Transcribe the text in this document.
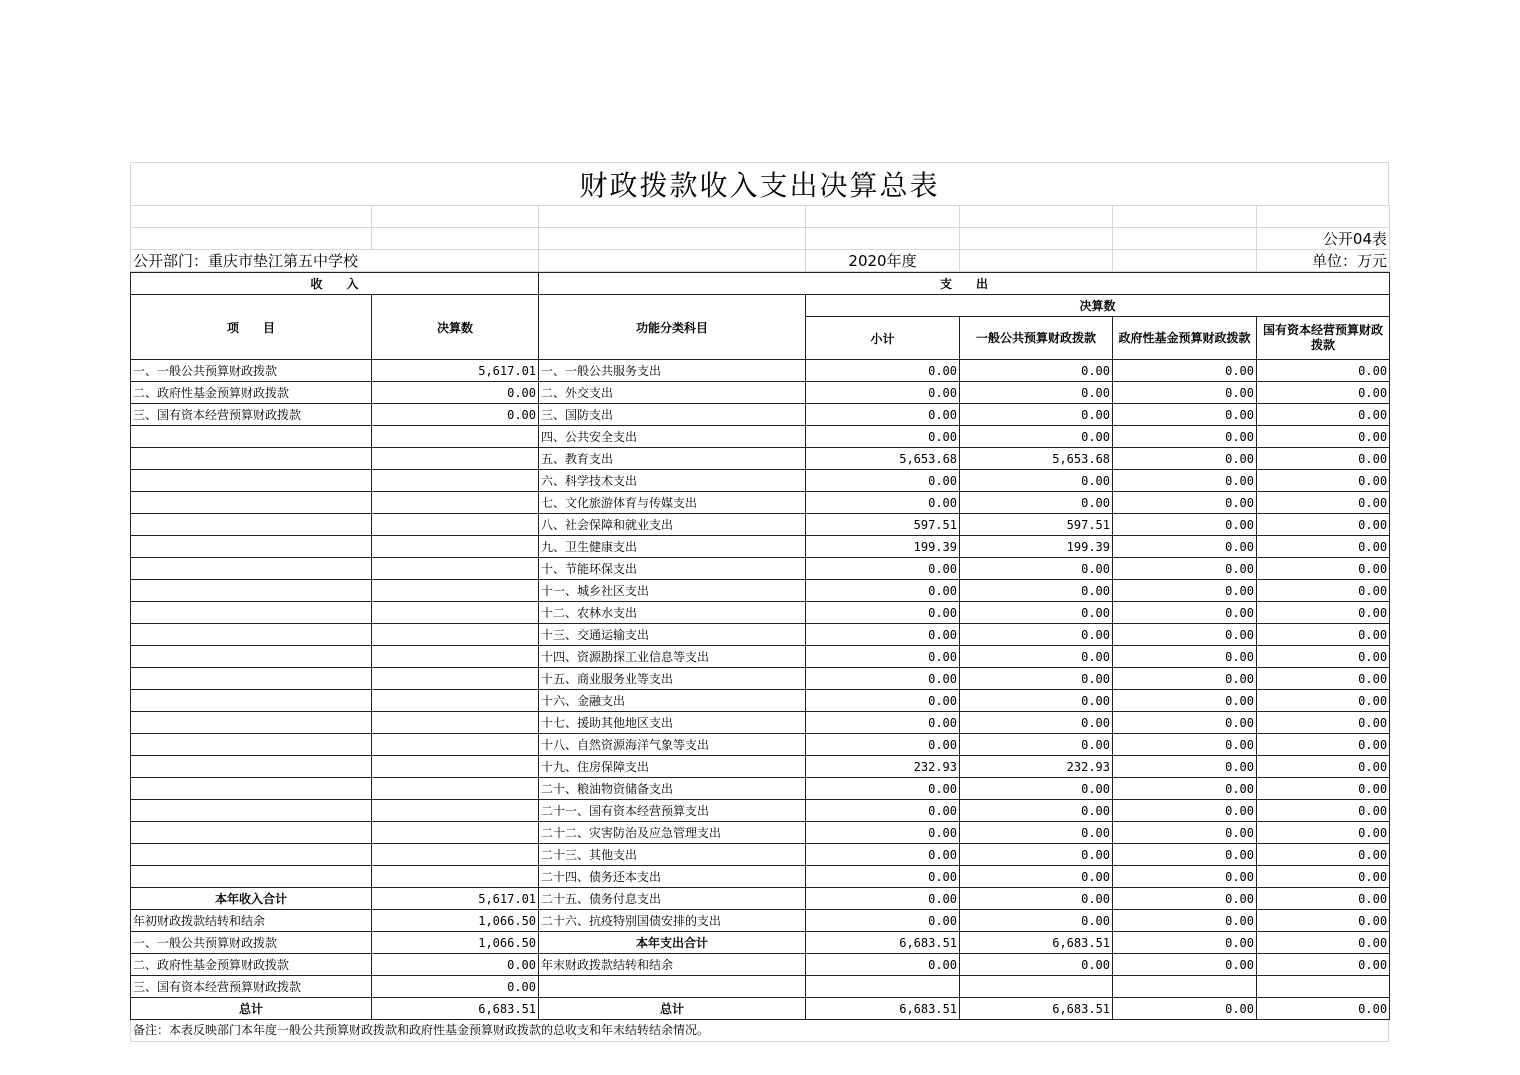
财政拨款收入支出决算总表

						公开04表
公开部门：重庆市垫江第五中学校			2020年度			单位：万元
收　　入		支　　出				
项　　目	决算数	功能分类科目	决算数			
			小计	一般公共预算财政拨款	政府性基金预算财政拨款	国有资本经营预算财政拨款

一、一般公共预算财政拨款	5,617.01	一、一般公共服务支出	0.00	0.00	0.00	0.00
二、政府性基金预算财政拨款	0.00	二、外交支出	0.00	0.00	0.00	0.00
三、国有资本经营预算财政拨款	0.00	三、国防支出	0.00	0.00	0.00	0.00
		四、公共安全支出	0.00	0.00	0.00	0.00
		五、教育支出	5,653.68	5,653.68	0.00	0.00
		六、科学技术支出	0.00	0.00	0.00	0.00
		七、文化旅游体育与传媒支出	0.00	0.00	0.00	0.00
		八、社会保障和就业支出	597.51	597.51	0.00	0.00
		九、卫生健康支出	199.39	199.39	0.00	0.00
		十、节能环保支出	0.00	0.00	0.00	0.00
		十一、城乡社区支出	0.00	0.00	0.00	0.00
		十二、农林水支出	0.00	0.00	0.00	0.00
		十三、交通运输支出	0.00	0.00	0.00	0.00
		十四、资源勘探工业信息等支出	0.00	0.00	0.00	0.00
		十五、商业服务业等支出	0.00	0.00	0.00	0.00
		十六、金融支出	0.00	0.00	0.00	0.00
		十七、援助其他地区支出	0.00	0.00	0.00	0.00
		十八、自然资源海洋气象等支出	0.00	0.00	0.00	0.00
		十九、住房保障支出	232.93	232.93	0.00	0.00
		二十、粮油物资储备支出	0.00	0.00	0.00	0.00
		二十一、国有资本经营预算支出	0.00	0.00	0.00	0.00
		二十二、灾害防治及应急管理支出	0.00	0.00	0.00	0.00
		二十三、其他支出	0.00	0.00	0.00	0.00
		二十四、债务还本支出	0.00	0.00	0.00	0.00
本年收入合计	5,617.01	二十五、债务付息支出	0.00	0.00	0.00	0.00
年初财政拨款结转和结余	1,066.50	二十六、抗疫特别国债安排的支出	0.00	0.00	0.00	0.00
一、一般公共预算财政拨款	1,066.50	本年支出合计	6,683.51	6,683.51	0.00	0.00
二、政府性基金预算财政拨款	0.00	年末财政拨款结转和结余	0.00	0.00	0.00	0.00
三、国有资本经营预算财政拨款	0.00					
总计	6,683.51	总计	6,683.51	6,683.51	0.00	0.00
备注：本表反映部门本年度一般公共预算财政拨款和政府性基金预算财政拨款的总收支和年末结转结余情况。
